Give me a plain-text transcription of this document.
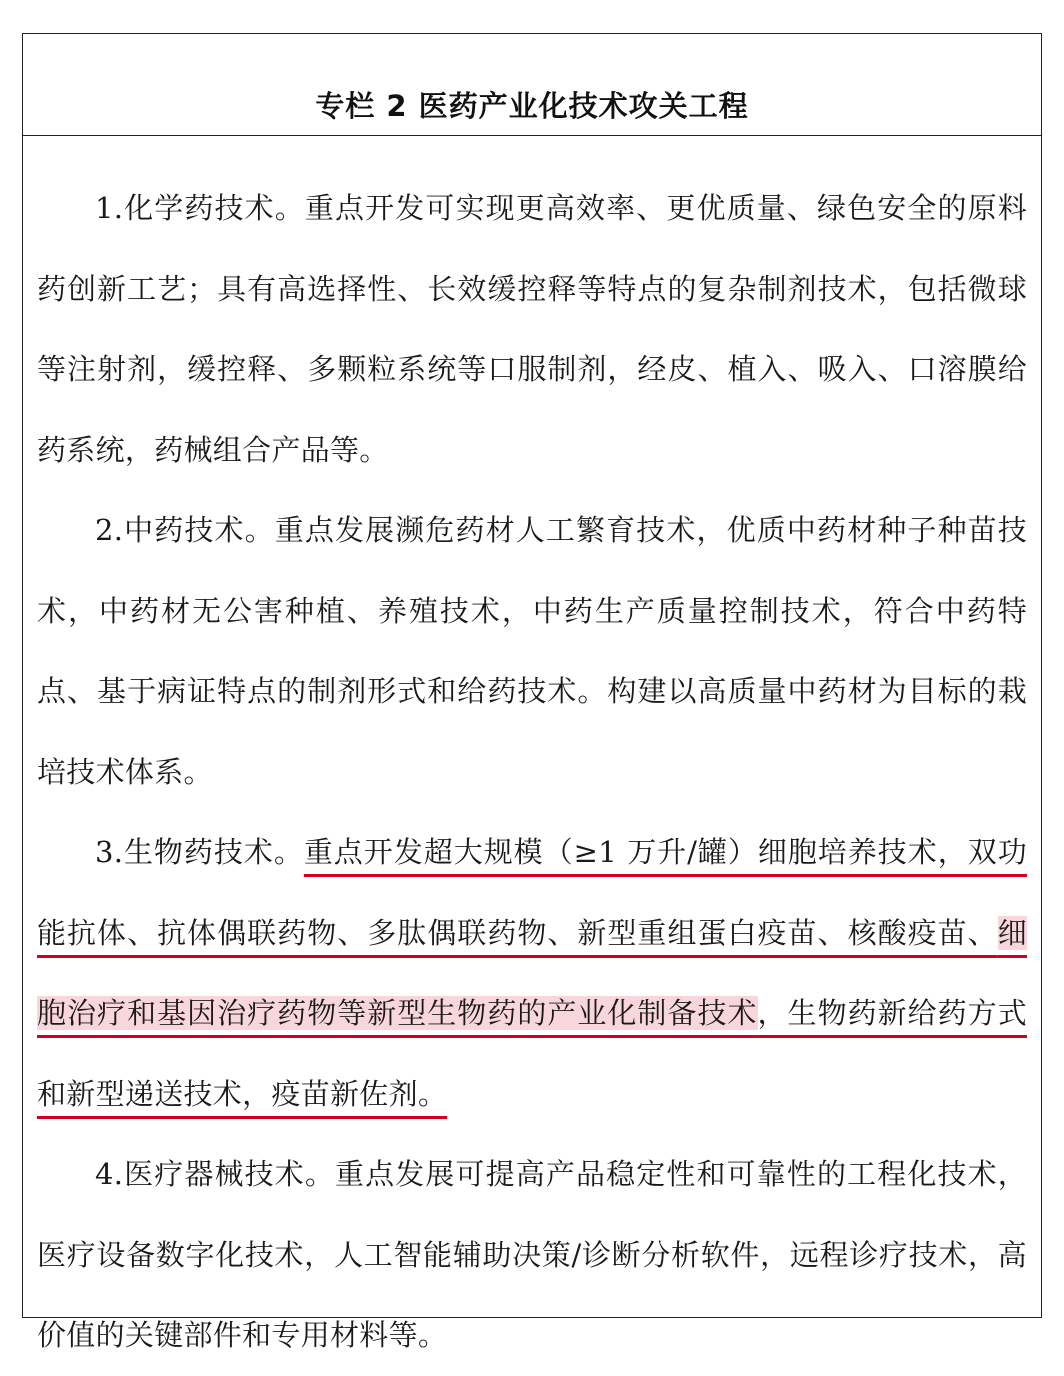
专栏 2 医药产业化技术攻关工程

1.化学药技术。重点开发可实现更高效率、更优质量、绿色安全的原料药创新工艺；具有高选择性、长效缓控释等特点的复杂制剂技术，包括微球等注射剂，缓控释、多颗粒系统等口服制剂，经皮、植入、吸入、口溶膜给药系统，药械组合产品等。

2.中药技术。重点发展濒危药材人工繁育技术，优质中药材种子种苗技术，中药材无公害种植、养殖技术，中药生产质量控制技术，符合中药特点、基于病证特点的制剂形式和给药技术。构建以高质量中药材为目标的栽培技术体系。

3.生物药技术。重点开发超大规模（≥1 万升/罐）细胞培养技术，双功能抗体、抗体偶联药物、多肽偶联药物、新型重组蛋白疫苗、核酸疫苗、细胞治疗和基因治疗药物等新型生物药的产业化制备技术，生物药新给药方式和新型递送技术，疫苗新佐剂。

4.医疗器械技术。重点发展可提高产品稳定性和可靠性的工程化技术，医疗设备数字化技术，人工智能辅助决策/诊断分析软件，远程诊疗技术，高价值的关键部件和专用材料等。
